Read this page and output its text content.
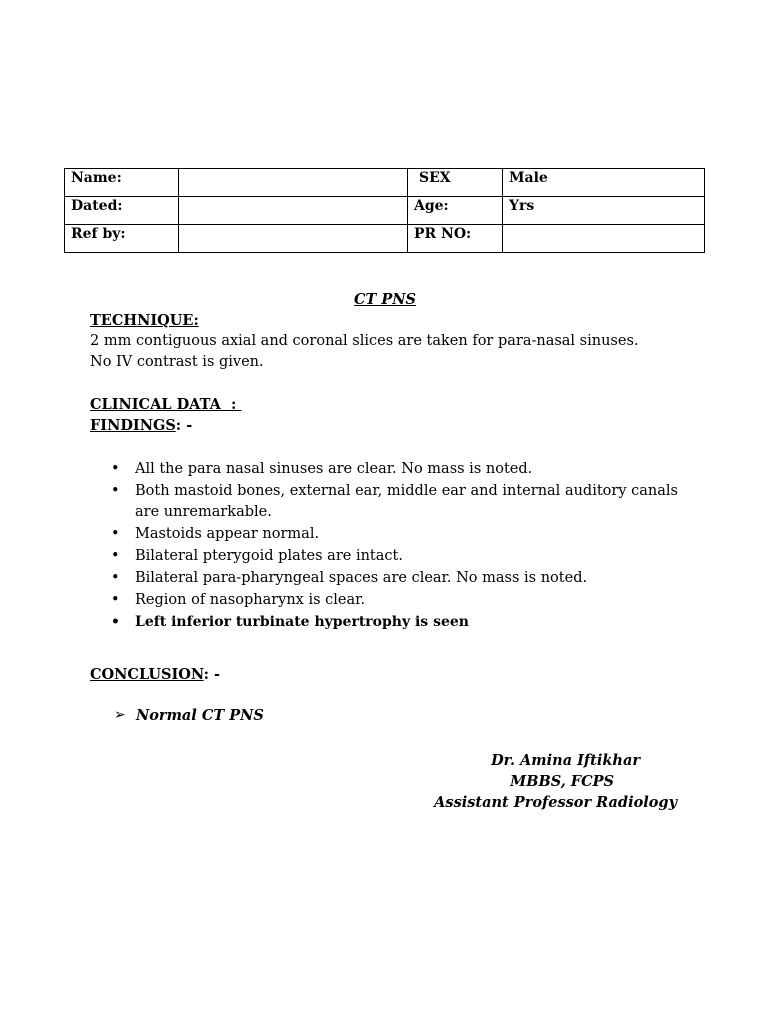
Name:		SEX	Male
Dated:		Age:	Yrs
Ref by:		PR NO:	
CT PNS
TECHNIQUE:
2 mm contiguous axial and coronal slices are taken for para-nasal sinuses.
No IV contrast is given.
CLINICAL DATA  :
FINDINGS: -
• All the para nasal sinuses are clear. No mass is noted.
• Both mastoid bones, external ear, middle ear and internal auditory canals are unremarkable.
• Mastoids appear normal.
• Bilateral pterygoid plates are intact.
• Bilateral para-pharyngeal spaces are clear. No mass is noted.
• Region of nasopharynx is clear.
• Left inferior turbinate hypertrophy is seen
CONCLUSION: -
➢ Normal CT PNS
Dr. Amina Iftikhar
MBBS, FCPS
Assistant Professor Radiology
